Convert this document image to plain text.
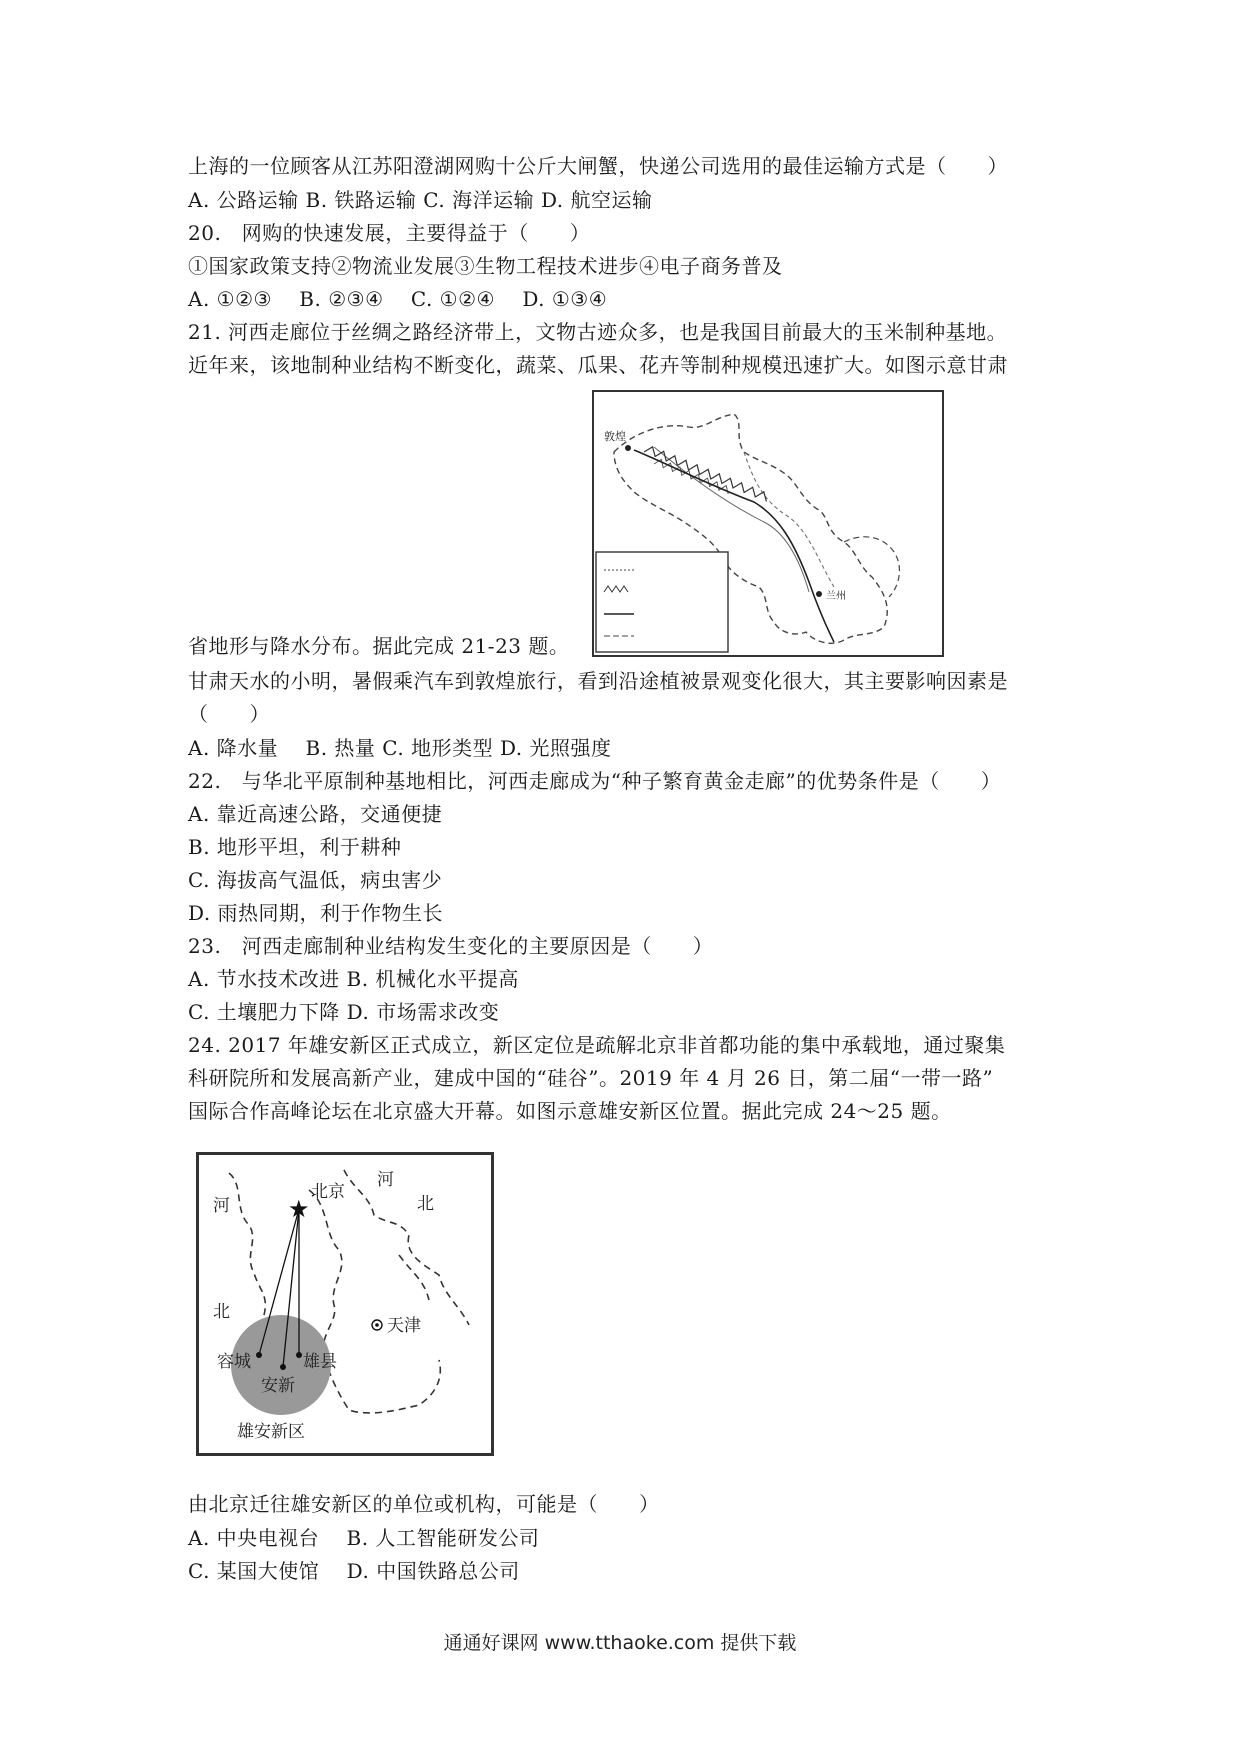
上海的一位顾客从江苏阳澄湖网购十公斤大闸蟹，快递公司选用的最佳运输方式是（　　）
A. 公路运输 B. 铁路运输 C. 海洋运输 D. 航空运输
20.　网购的快速发展，主要得益于（　　）
①国家政策支持②物流业发展③生物工程技术进步④电子商务普及
A. ①②③　 B. ②③④　 C. ①②④　 D. ①③④
21. 河西走廊位于丝绸之路经济带上，文物古迹众多，也是我国目前最大的玉米制种基地。
近年来，该地制种业结构不断变化，蔬菜、瓜果、花卉等制种规模迅速扩大。如图示意甘肃
敦煌
兰州
省地形与降水分布。据此完成 21-23 题。
甘肃天水的小明，暑假乘汽车到敦煌旅行，看到沿途植被景观变化很大，其主要影响因素是
（　　）
A. 降水量　 B. 热量 C. 地形类型 D. 光照强度
22.　与华北平原制种基地相比，河西走廊成为“种子繁育黄金走廊”的优势条件是（　　）
A. 靠近高速公路，交通便捷
B. 地形平坦，利于耕种
C. 海拔高气温低，病虫害少
D. 雨热同期，利于作物生长
23.　河西走廊制种业结构发生变化的主要原因是（　　）
A. 节水技术改进 B. 机械化水平提高
C. 土壤肥力下降 D. 市场需求改变
24. 2017 年雄安新区正式成立，新区定位是疏解北京非首都功能的集中承载地，通过聚集
科研院所和发展高新产业，建成中国的“硅谷”。2019 年 4 月 26 日，第二届“一带一路”
国际合作高峰论坛在北京盛大开幕。如图示意雄安新区位置。据此完成 24～25 题。
★
河
北京
河
北
北
天津
容城	雄县
安新
雄安新区
由北京迁往雄安新区的单位或机构，可能是（　　）
A. 中央电视台　 B. 人工智能研发公司
C. 某国大使馆　 D. 中国铁路总公司
通通好课网 www.tthaoke.com 提供下载
